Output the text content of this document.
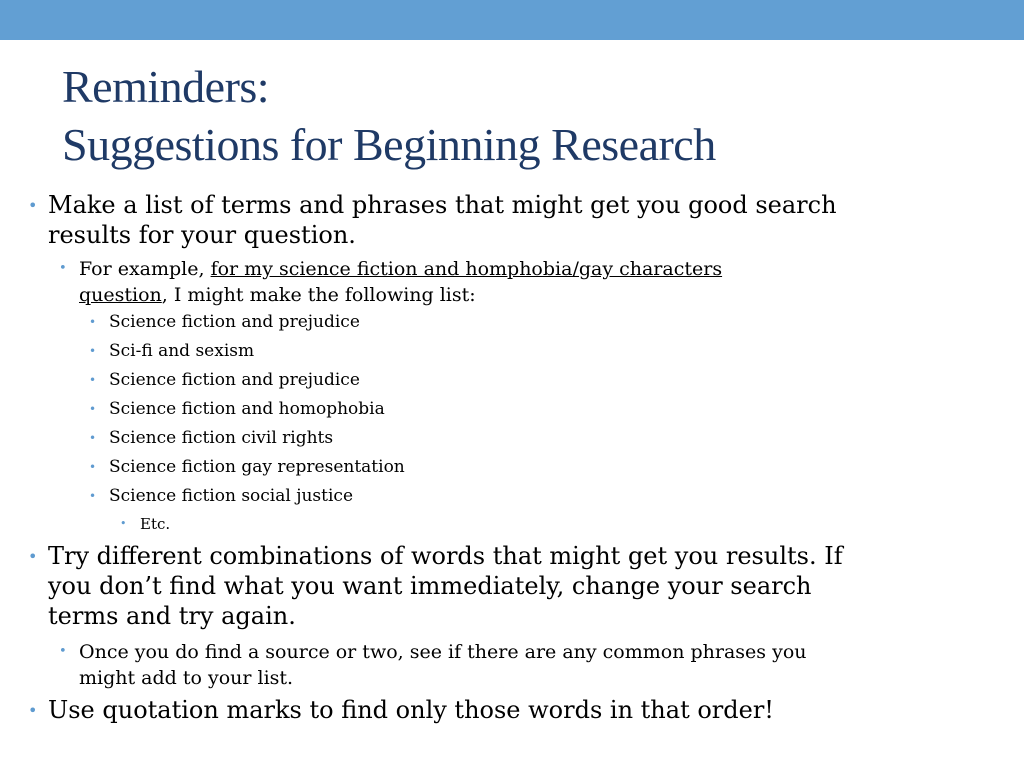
Reminders:
Suggestions for Beginning Research
• Make a list of terms and phrases that might get you good search
results for your question.
• For example, for my science fiction and homphobia/gay characters
question, I might make the following list:
• Science fiction and prejudice
• Sci-fi and sexism
• Science fiction and prejudice
• Science fiction and homophobia
• Science fiction civil rights
• Science fiction gay representation
• Science fiction social justice
• Etc.
• Try different combinations of words that might get you results. If
you don’t find what you want immediately, change your search
terms and try again.
• Once you do find a source or two, see if there are any common phrases you
might add to your list.
• Use quotation marks to find only those words in that order!
